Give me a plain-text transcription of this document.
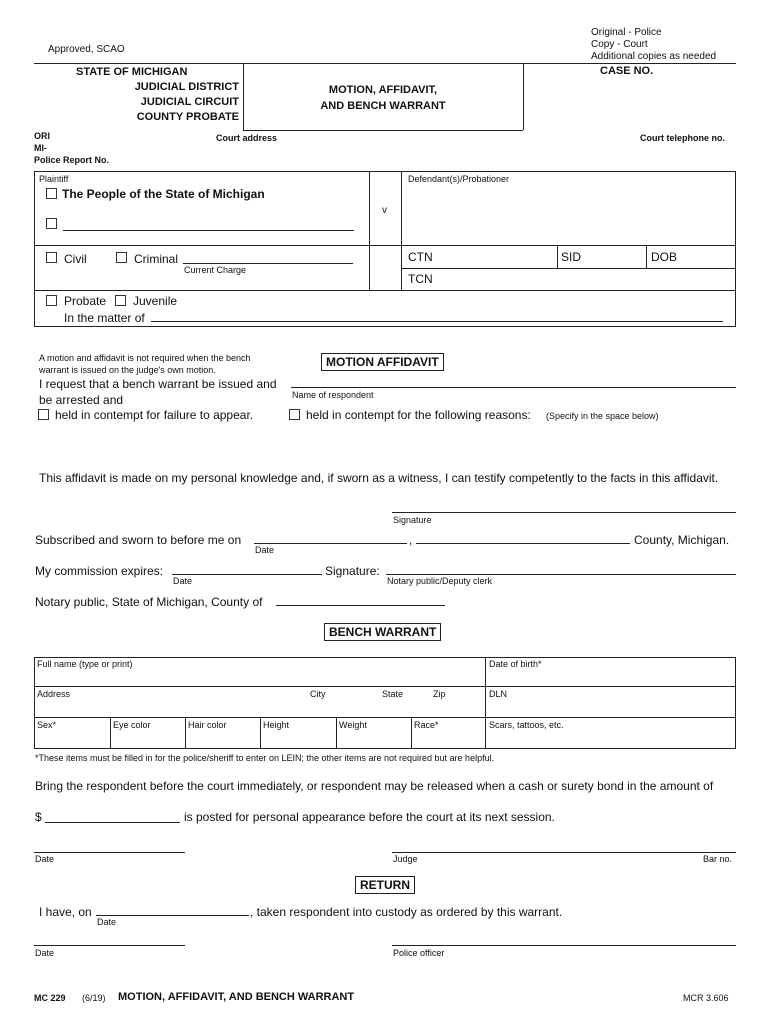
Approved, SCAO
Original - Police
Copy - Court
Additional copies as needed
STATE OF MICHIGAN
JUDICIAL DISTRICT
JUDICIAL CIRCUIT
COUNTY PROBATE
MOTION, AFFIDAVIT,
AND BENCH WARRANT
CASE NO.
ORI
MI-
Police Report No.
Court address	Court telephone no.
Plaintiff
The People of the State of Michigan
v
Defendant(s)/Probationer
Civil	Criminal
Current Charge
CTN	SID	DOB
TCN
Probate Juvenile
In the matter of
A motion and affidavit is not required when the bench
warrant is issued on the judge's own motion.
MOTION AFFIDAVIT
I request that a bench warrant be issued and
Name of respondent
be arrested and
held in contempt for failure to appear.	held in contempt for the following reasons: (Specify in the space below)
This affidavit is made on my personal knowledge and, if sworn as a witness, I can testify competently to the facts in this affidavit.
Signature
Subscribed and sworn to before me on	,	County, Michigan.
Date
My commission expires:
Date
Signature:
Notary public/Deputy clerk
Notary public, State of Michigan, County of
BENCH WARRANT
Full name (type or print)	Date of birth*
Address	City	State	Zip	DLN
Sex*	Eye color	Hair color	Height	Weight	Race*	Scars, tattoos, etc.
*These items must be filled in for the police/sheriff to enter on LEIN; the other items are not required but are helpful.
Bring the respondent before the court immediately, or respondent may be released when a cash or surety bond in the amount of
$	is posted for personal appearance before the court at its next session.
Date	Judge	Bar no.
RETURN
I have, on
Date
, taken respondent into custody as ordered by this warrant.
Date	Police officer
MC 229 (6/19) MOTION, AFFIDAVIT, AND BENCH WARRANT	MCR 3.606
